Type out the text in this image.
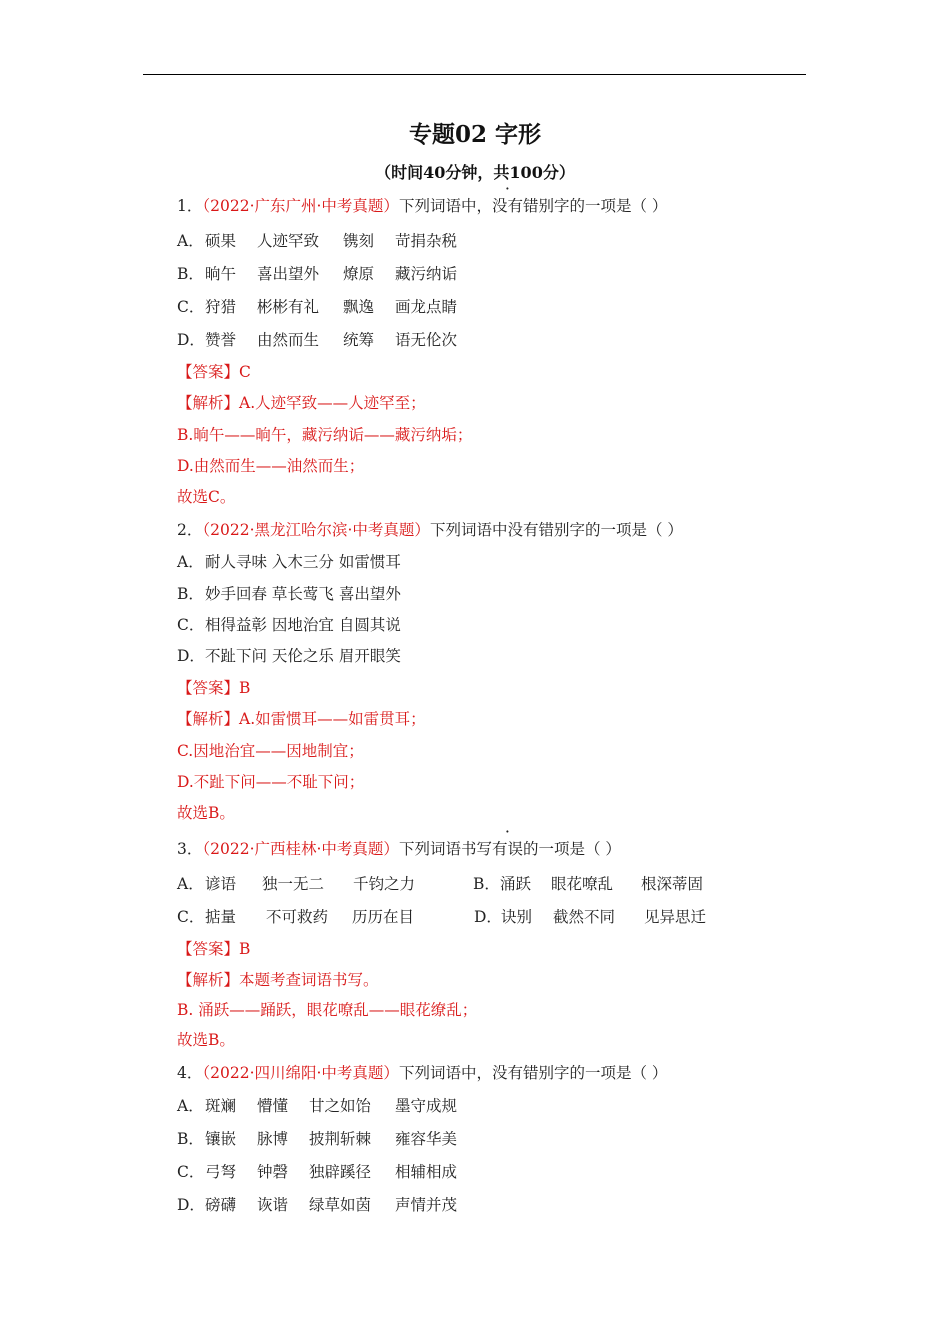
专题02 字形
（时间40分钟，共100分）
1．（2022·广东广州·中考真题）下列词语中，没有错别字的一项是（ ）
A．硕果 人迹罕致 镌刻 苛捐杂税
B．晌午 喜出望外 燎原 藏污纳诟
C．狩猎 彬彬有礼 飘逸 画龙点睛
D．赞誉 由然而生 统筹 语无伦次
【答案】C
【解析】A.人迹罕致——人迹罕至；
B.晌午——晌午，藏污纳诟——藏污纳垢；
D.由然而生——油然而生；
故选C。
2．（2022·黑龙江哈尔滨·中考真题）下列词语中没有错别字的一项是（ ）
A．耐人寻味 入木三分 如雷惯耳
B．妙手回春 草长莺飞 喜出望外
C．相得益彰 因地治宜 自圆其说
D．不趾下问 天伦之乐 眉开眼笑
【答案】B
【解析】A.如雷惯耳——如雷贯耳；
C.因地治宜——因地制宜；
D.不趾下问——不耻下问；
故选B。
3．（2022·广西桂林·中考真题）下列词语书写有误的一项是（ ）
A．谚语 独一无二 千钧之力	B．涌跃 眼花嘹乱 根深蒂固
C．掂量 不可救药 历历在目	D．诀别 截然不同 见异思迁
【答案】B
【解析】本题考查词语书写。
B. 涌跃——踊跃，眼花嘹乱——眼花缭乱；
故选B。
4．（2022·四川绵阳·中考真题）下列词语中，没有错别字的一项是（ ）
A．斑斓 懵懂 甘之如饴 墨守成规
B．镶嵌 脉博 披荆斩棘 雍容华美
C．弓弩 钟磬 独辟蹊径 相辅相成
D．磅礴 诙谐 绿草如茵 声情并茂
